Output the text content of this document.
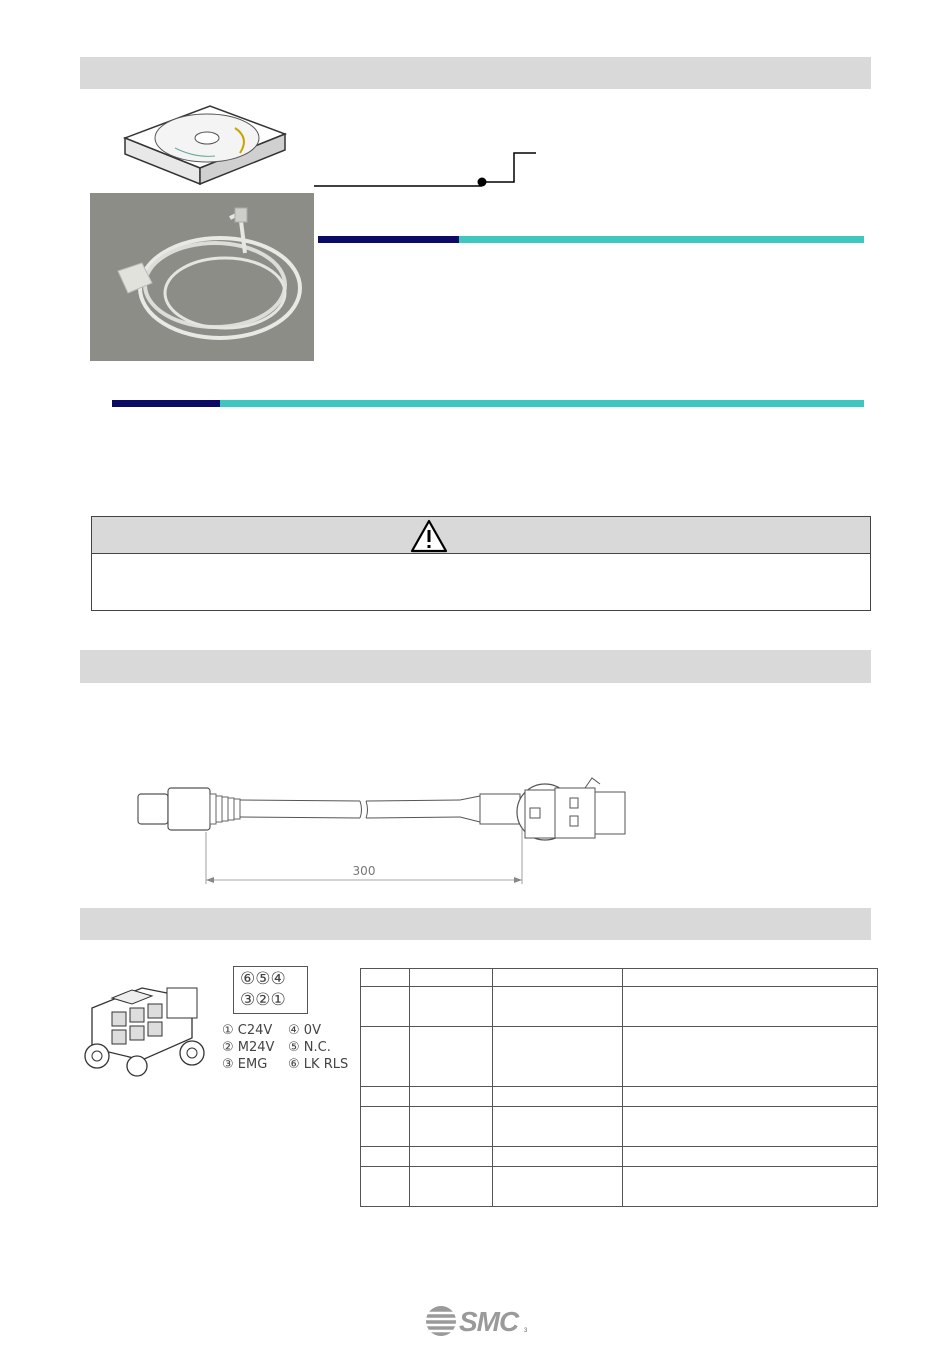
300
⑥⑤④
③②①
① C24V ④ 0V
② M24V ⑤ N.C.
③ EMG ⑥ LK RLS

SMC 3
